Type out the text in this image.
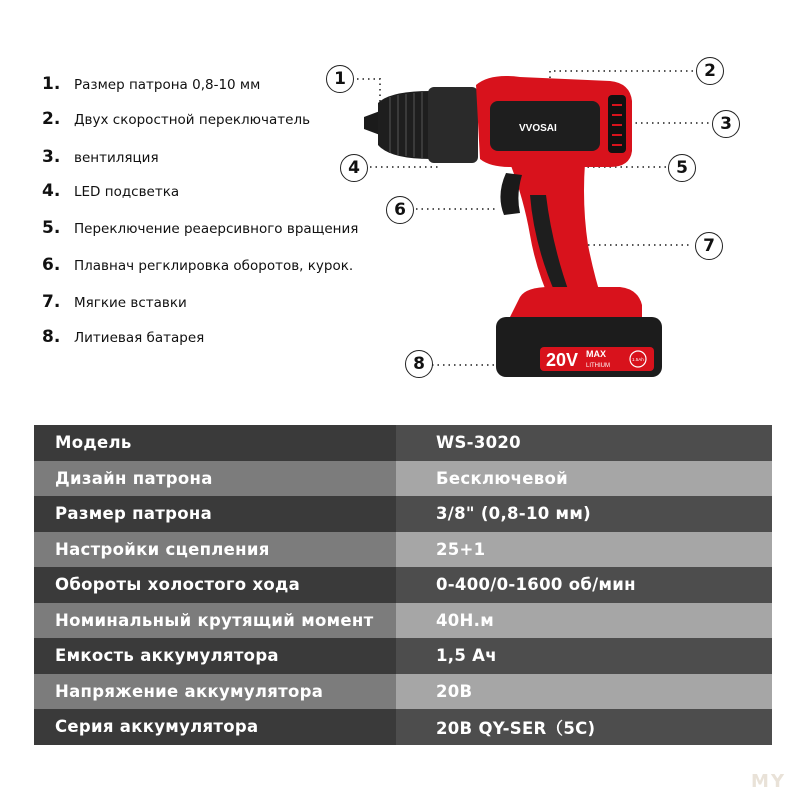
1.	Размер патрона 0,8-10 мм
2.	Двух скоростной переключатель
3.	вентиляция
4.	LED подсветка
5.	Переключение реаерсивного вращения
6.	Плавнач регклировка оборотов, курок.
7.	Мягкие вставки
8.	Литиевая батарея
VVOSAI
20V MAX
LITHIUM
1.5Ah
1	2
3
4	5
6
7
8
Модель	WS-3020
Дизайн патрона	Бесключевой
Размер патрона	3/8" (0,8-10 мм)
Настройки сцепления	25+1
Обороты холостого хода	0-400/0-1600 об/мин
Номинальный крутящий момент	40Н.м
Емкость аккумулятора	1,5 Ач
Напряжение аккумулятора	20В
Серия аккумулятора	20В QY-SER（5C)
MY
